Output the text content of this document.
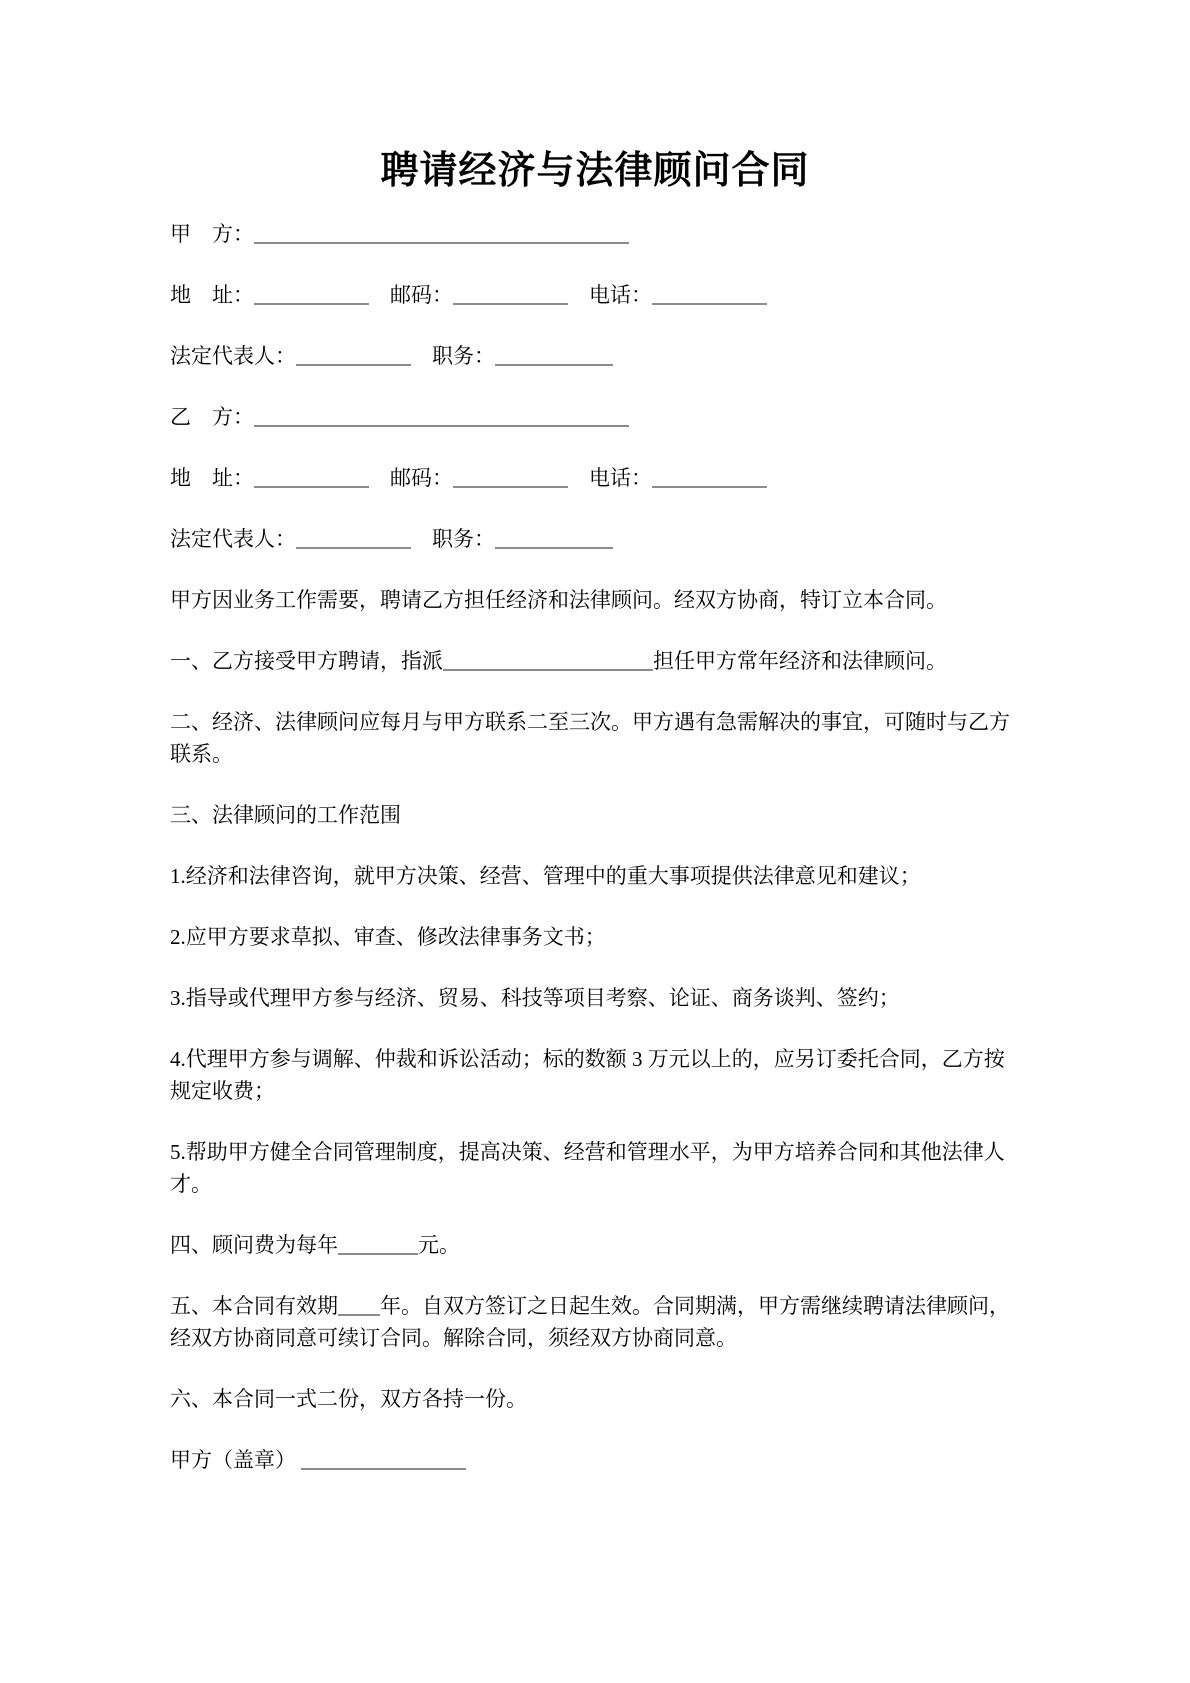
聘请经济与法律顾问合同

甲　方：

地　址：	　邮码：	　电话：

法定代表人：	　职务：

乙　方：

地　址：	　邮码：	　电话：

法定代表人：	　职务：

甲方因业务工作需要，聘请乙方担任经济和法律顾问。经双方协商，特订立本合同。

一、乙方接受甲方聘请，指派	担任甲方常年经济和法律顾问。

二、经济、法律顾问应每月与甲方联系二至三次。甲方遇有急需解决的事宜，可随时与乙方联系。

三、法律顾问的工作范围

1.经济和法律咨询，就甲方决策、经营、管理中的重大事项提供法律意见和建议；

2.应甲方要求草拟、审查、修改法律事务文书；

3.指导或代理甲方参与经济、贸易、科技等项目考察、论证、商务谈判、签约；

4.代理甲方参与调解、仲裁和诉讼活动；标的数额 3 万元以上的，应另订委托合同，乙方按规定收费；

5.帮助甲方健全合同管理制度，提高决策、经营和管理水平，为甲方培养合同和其他法律人才。

四、顾问费为每年	元。

五、本合同有效期 年。自双方签订之日起生效。合同期满，甲方需继续聘请法律顾问，经双方协商同意可续订合同。解除合同，须经双方协商同意。

六、本合同一式二份，双方各持一份。

甲方（盖章）
